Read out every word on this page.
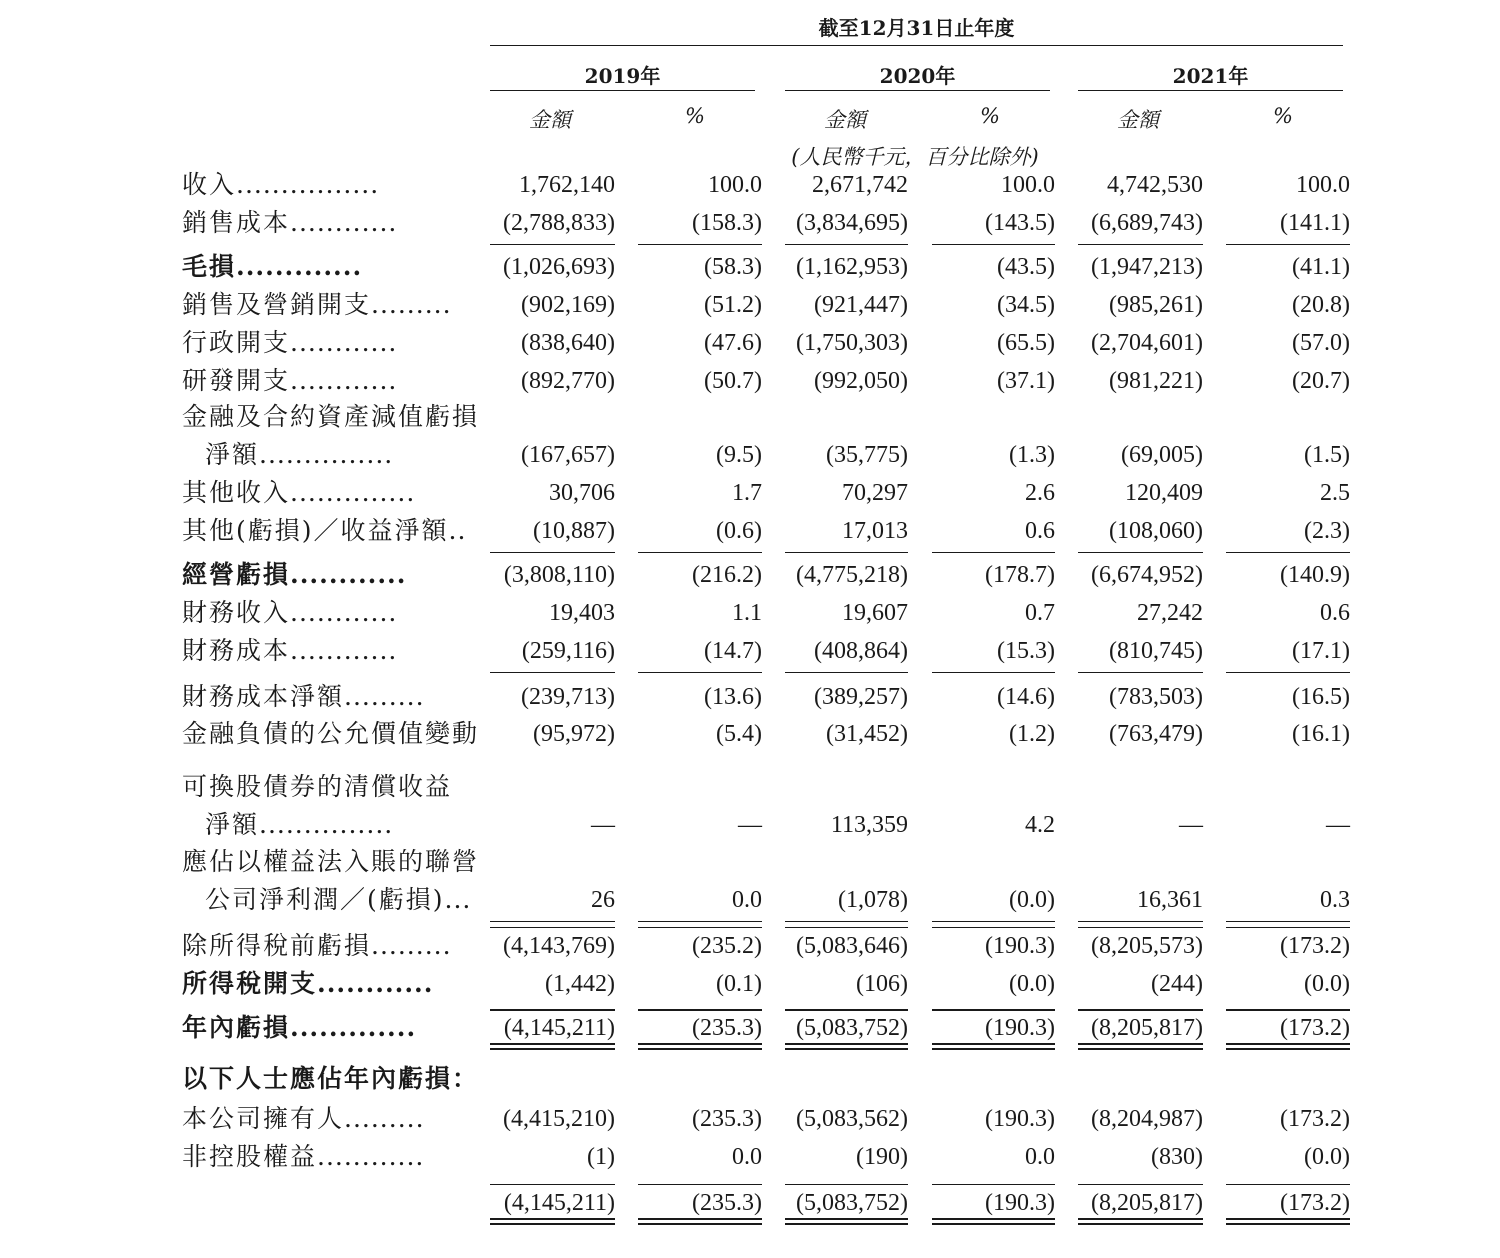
截至12月31日止年度
2019年	2020年	2021年
金額	%	金額	%	金額	%
(人民幣千元，百分比除外)
收入................	1,762,140	100.0	2,671,742	100.0	4,742,530	100.0
銷售成本............	(2,788,833)	(158.3)	(3,834,695)	(143.5)	(6,689,743)	(141.1)
毛損.............	(1,026,693)	(58.3)	(1,162,953)	(43.5)	(1,947,213)	(41.1)
銷售及營銷開支.........	(902,169)	(51.2)	(921,447)	(34.5)	(985,261)	(20.8)
行政開支............	(838,640)	(47.6)	(1,750,303)	(65.5)	(2,704,601)	(57.0)
研發開支............	(892,770)	(50.7)	(992,050)	(37.1)	(981,221)	(20.7)
金融及合約資產減值虧損
淨額...............	(167,657)	(9.5)	(35,775)	(1.3)	(69,005)	(1.5)
其他收入..............	30,706	1.7	70,297	2.6	120,409	2.5
其他(虧損)／收益淨額..	(10,887)	(0.6)	17,013	0.6	(108,060)	(2.3)
經營虧損............	(3,808,110)	(216.2)	(4,775,218)	(178.7)	(6,674,952)	(140.9)
財務收入............	19,403	1.1	19,607	0.7	27,242	0.6
財務成本............	(259,116)	(14.7)	(408,864)	(15.3)	(810,745)	(17.1)
財務成本淨額.........	(239,713)	(13.6)	(389,257)	(14.6)	(783,503)	(16.5)
金融負債的公允價值變動	(95,972)	(5.4)	(31,452)	(1.2)	(763,479)	(16.1)
可換股債券的清償收益
淨額...............	—	—	113,359	4.2	—	—
應佔以權益法入賬的聯營
公司淨利潤／(虧損)...	26	0.0	(1,078)	(0.0)	16,361	0.3
除所得稅前虧損.........	(4,143,769)	(235.2)	(5,083,646)	(190.3)	(8,205,573)	(173.2)
所得稅開支............	(1,442)	(0.1)	(106)	(0.0)	(244)	(0.0)
年內虧損.............	(4,145,211)	(235.3)	(5,083,752)	(190.3)	(8,205,817)	(173.2)
以下人士應佔年內虧損：
本公司擁有人.........	(4,415,210)	(235.3)	(5,083,562)	(190.3)	(8,204,987)	(173.2)
非控股權益............	(1)	0.0	(190)	0.0	(830)	(0.0)
(4,145,211)	(235.3)	(5,083,752)	(190.3)	(8,205,817)	(173.2)
